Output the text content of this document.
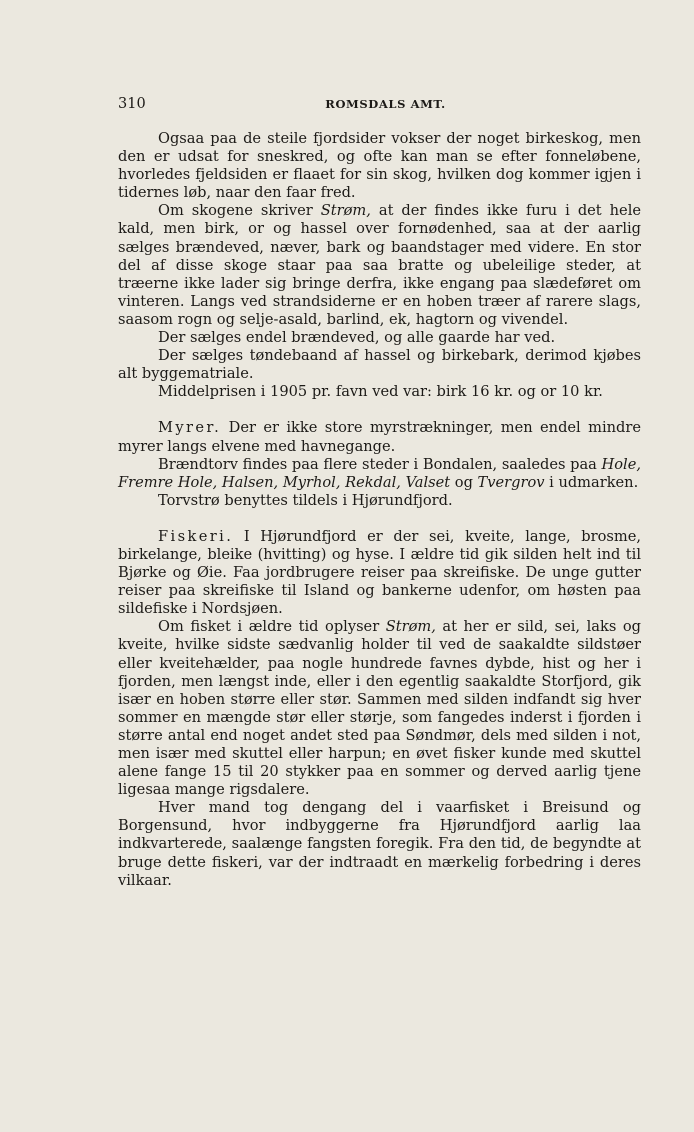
310	ROMSDALS AMT.

Ogsaa paa de steile fjordsider vokser der noget birkeskog, men den er udsat for sneskred, og ofte kan man se efter fonneløbene, hvorledes fjeldsiden er flaaet for sin skog, hvilken dog kommer igjen i tidernes løb, naar den faar fred.

Om skogene skriver Strøm, at der findes ikke furu i det hele kald, men birk, or og hassel over fornødenhed, saa at der aarlig sælges brændeved, næver, bark og baandstager med videre. En stor del af disse skoge staar paa saa bratte og ubeleilige steder, at træerne ikke lader sig bringe derfra, ikke engang paa slædeføret om vinteren. Langs ved strandsiderne er en hoben træer af rarere slags, saasom rogn og selje-asald, barlind, ek, hagtorn og vivendel.

Der sælges endel brændeved, og alle gaarde har ved.

Der sælges tøndebaand af hassel og birkebark, derimod kjøbes alt byggematriale.

Middelprisen i 1905 pr. favn ved var: birk 16 kr. og or 10 kr.

Myrer. Der er ikke store myrstrækninger, men endel mindre myrer langs elvene med havnegange.

Brændtorv findes paa flere steder i Bondalen, saaledes paa Hole, Fremre Hole, Halsen, Myrhol, Rekdal, Valset og Tvergrov i udmarken.

Torvstrø benyttes tildels i Hjørundfjord.

Fiskeri. I Hjørundfjord er der sei, kveite, lange, brosme, birkelange, bleike (hvitting) og hyse. I ældre tid gik silden helt ind til Bjørke og Øie. Faa jordbrugere reiser paa skreifiske. De unge gutter reiser paa skreifiske til Island og bankerne udenfor, om høsten paa sildefiske i Nordsjøen.

Om fisket i ældre tid oplyser Strøm, at her er sild, sei, laks og kveite, hvilke sidste sædvanlig holder til ved de saakaldte sildstøer eller kveitehælder, paa nogle hundrede favnes dybde, hist og her i fjorden, men længst inde, eller i den egentlig saakaldte Storfjord, gik især en hoben større eller stør. Sammen med silden indfandt sig hver sommer en mængde stør eller størje, som fangedes inderst i fjorden i større antal end noget andet sted paa Søndmør, dels med silden i not, men især med skuttel eller harpun; en øvet fisker kunde med skuttel alene fange 15 til 20 stykker paa en sommer og derved aarlig tjene ligesaa mange rigsdalere.

Hver mand tog dengang del i vaarfisket i Breisund og Borgensund, hvor indbyggerne fra Hjørundfjord aarlig laa indkvarterede, saalænge fangsten foregik. Fra den tid, de begyndte at bruge dette fiskeri, var der indtraadt en mærkelig forbedring i deres vilkaar.
